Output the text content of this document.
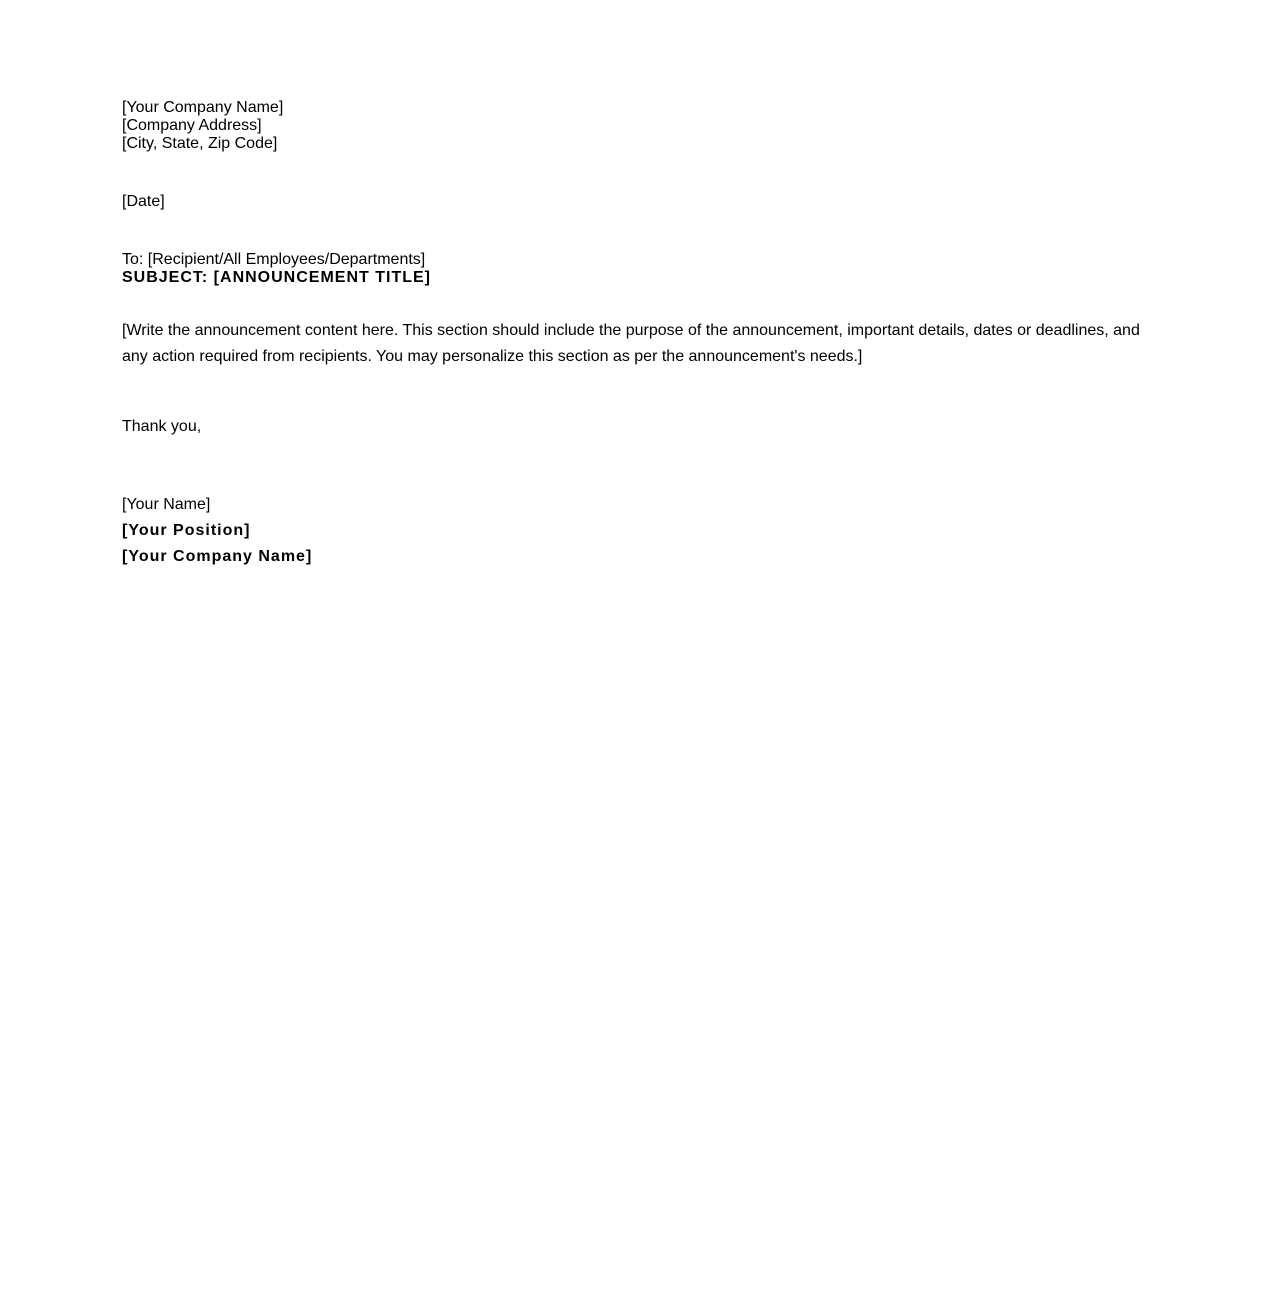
[Your Company Name]
[Company Address]
[City, State, Zip Code]
[Date]
To: [Recipient/All Employees/Departments]
SUBJECT: [ANNOUNCEMENT TITLE]
[Write the announcement content here. This section should include the purpose of the announcement, important details, dates or deadlines, and any action required from recipients. You may personalize this section as per the announcement's needs.]
Thank you,
[Your Name]
[Your Position]
[Your Company Name]
